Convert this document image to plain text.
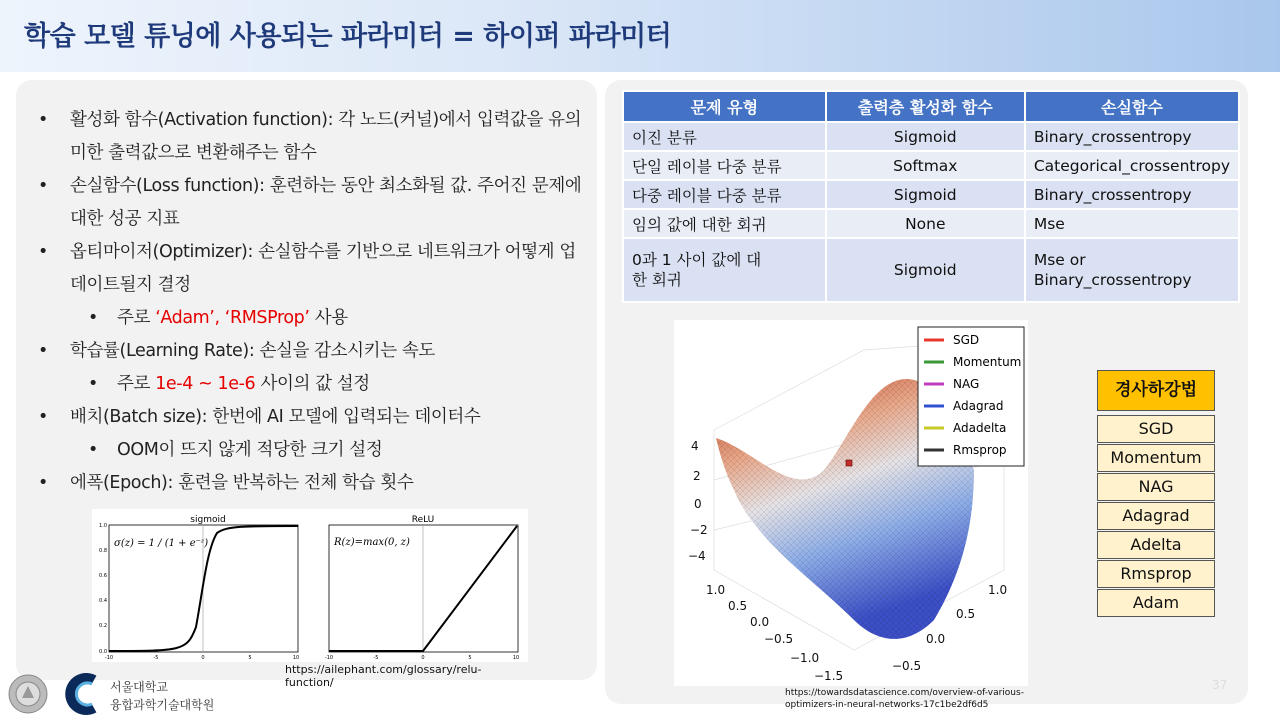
학습 모델 튜닝에 사용되는 파라미터 = 하이퍼 파라미터
• 활성화 함수(Activation function): 각 노드(커널)에서 입력값을 유의미한 출력값으로 변환해주는 함수
• 손실함수(Loss function): 훈련하는 동안 최소화될 값. 주어진 문제에 대한 성공 지표
• 옵티마이저(Optimizer): 손실함수를 기반으로 네트워크가 어떻게 업데이트될지 결정
• 주로 ‘Adam’, ‘RMSProp’ 사용
• 학습률(Learning Rate): 손실을 감소시키는 속도
• 주로 1e-4 ~ 1e-6 사이의 값 설정
• 배치(Batch size): 한번에 AI 모델에 입력되는 데이터수
• OOM이 뜨지 않게 적당한 크기 설정
• 에폭(Epoch): 훈련을 반복하는 전체 학습 횟수
sigmoid
σ(z) = 1 / (1 + e⁻ᶻ)
1.0
0.8
0.6
0.4
0.2
0.0
-10	-5	0	5	10
ReLU
R(z)=max(0, z)
-10	-5	0	5	10
https://ailephant.com/glossary/relu-function/
서울대학교
융합과학기술대학원
문제 유형	출력층 활성화 함수	손실함수
이진 분류	Sigmoid	Binary_crossentropy
단일 레이블 다중 분류	Softmax	Categorical_crossentropy
다중 레이블 다중 분류	Sigmoid	Binary_crossentropy
임의 값에 대한 회귀	None	Mse

0과 1 사이 값에 대한 회귀	Sigmoid	Mse or Binary_crossentropy
4
2
0
−2
−4
1.0
0.5
0.0
−0.5
−1.0
−1.5
1.0
0.5
0.0
−0.5
SGD
Momentum
NAG
Adagrad
Adadelta
Rmsprop
https://towardsdatascience.com/overview-of-various-optimizers-in-neural-networks-17c1be2df6d5
경사하강법
SGD
Momentum
NAG
Adagrad
Adelta
Rmsprop
Adam
37
